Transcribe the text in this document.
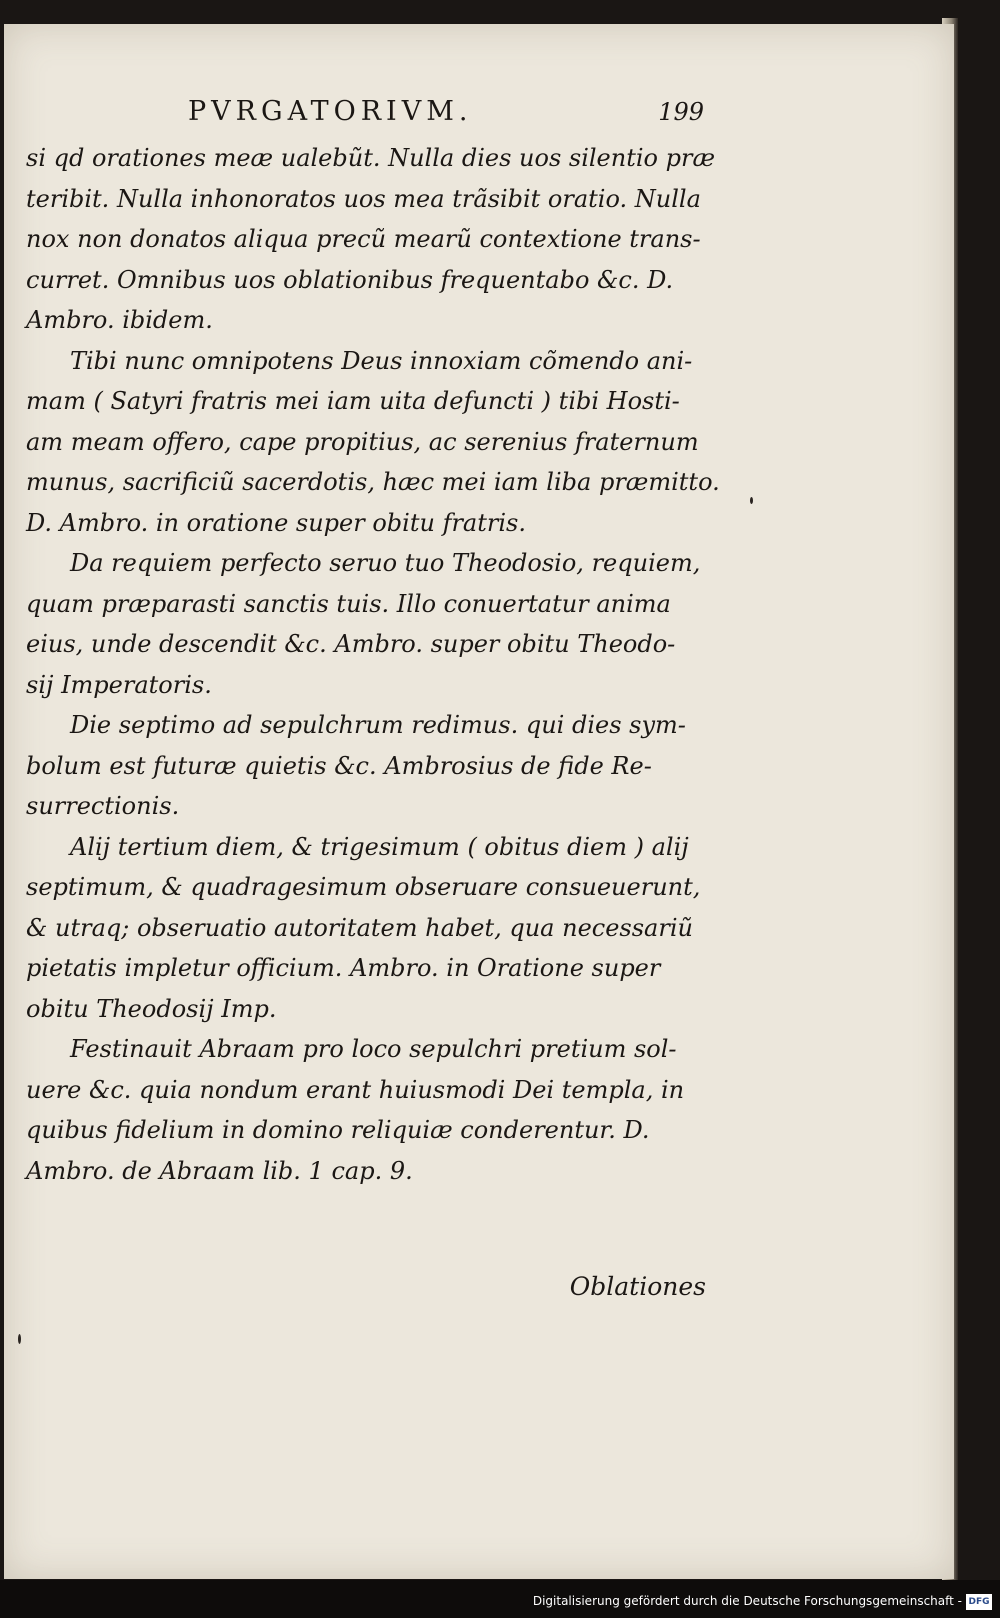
PVRGATORIVM.	199

si qd orationes meæ ualebũt. Nulla dies uos silentio præ
teribit. Nulla inhonoratos uos mea trãsibit oratio. Nulla
nox non donatos aliqua precũ mearũ contextione trans-
curret. Omnibus uos oblationibus frequentabo &c. D.
Ambro. ibidem.

Tibi nunc omnipotens Deus innoxiam cõmendo ani-
mam ( Satyri fratris mei iam uita defuncti ) tibi Hosti-
am meam offero, cape propitius, ac serenius fraternum
munus, sacrificiũ sacerdotis, hæc mei iam liba præmitto.
D. Ambro. in oratione super obitu fratris.

Da requiem perfecto seruo tuo Theodosio, requiem,
quam præparasti sanctis tuis. Illo conuertatur anima
eius, unde descendit &c. Ambro. super obitu Theodo-
sij Imperatoris.

Die septimo ad sepulchrum redimus. qui dies sym-
bolum est futuræ quietis &c. Ambrosius de fide Re-
surrectionis.

Alij tertium diem, & trigesimum ( obitus diem ) alij
septimum, & quadragesimum obseruare consueuerunt,
& utraq; obseruatio autoritatem habet, qua necessariũ
pietatis impletur officium. Ambro. in Oratione super
obitu Theodosij Imp.

Festinauit Abraam pro loco sepulchri pretium sol-
uere &c. quia nondum erant huiusmodi Dei templa, in
quibus fidelium in domino reliquiæ conderentur. D.
Ambro. de Abraam lib. 1 cap. 9.

Oblationes
Digitalisierung gefördert durch die Deutsche Forschungsgemeinschaft - DFG
